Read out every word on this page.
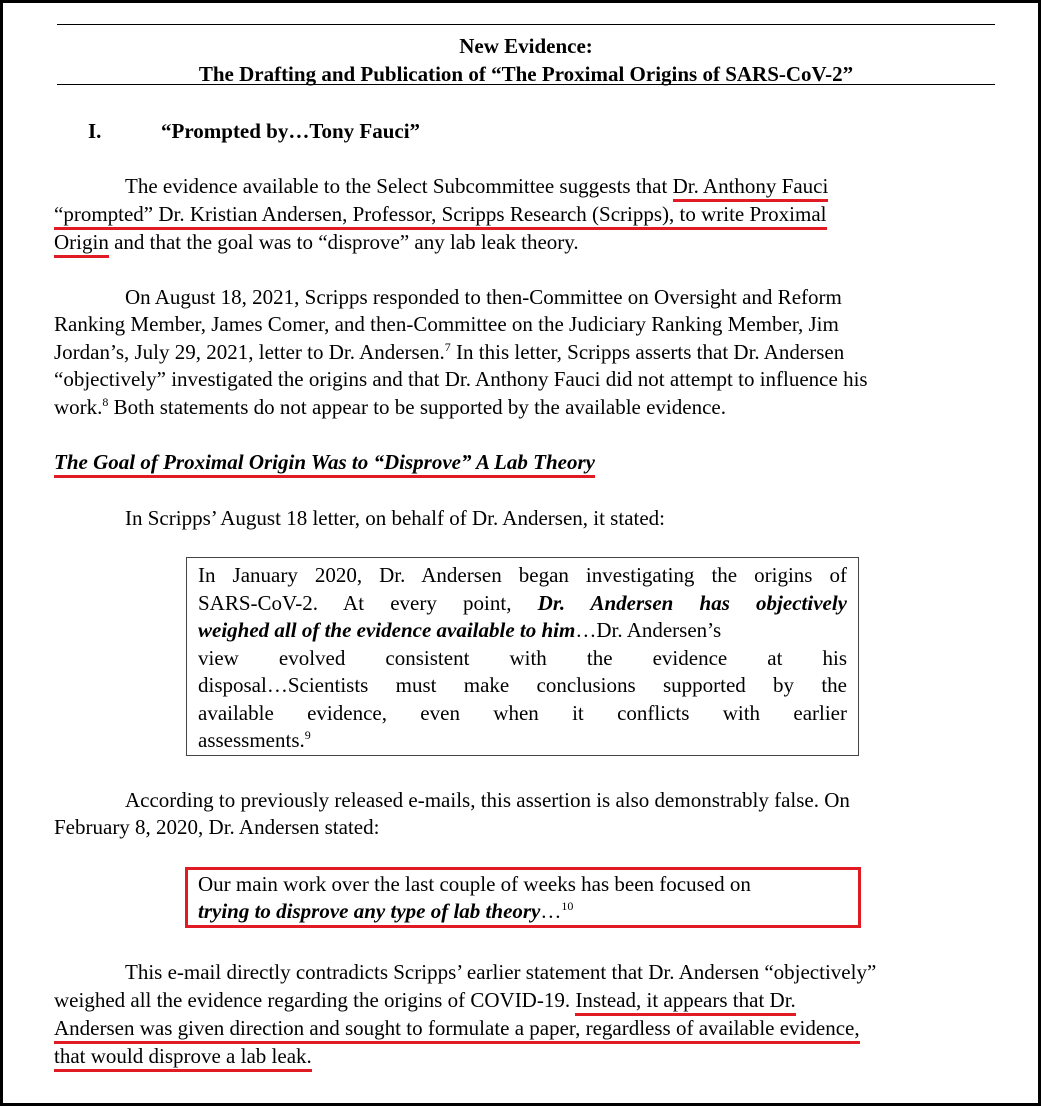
New Evidence:
The Drafting and Publication of “The Proximal Origins of SARS-CoV-2”
I.	“Prompted by…Tony Fauci”
The evidence available to the Select Subcommittee suggests that Dr. Anthony Fauci
“prompted” Dr. Kristian Andersen, Professor, Scripps Research (Scripps), to write Proximal
Origin and that the goal was to “disprove” any lab leak theory.
On August 18, 2021, Scripps responded to then-Committee on Oversight and Reform
Ranking Member, James Comer, and then-Committee on the Judiciary Ranking Member, Jim
Jordan’s, July 29, 2021, letter to Dr. Andersen.$^7$ In this letter, Scripps asserts that Dr. Andersen
“objectively” investigated the origins and that Dr. Anthony Fauci did not attempt to influence his
work.$^8$ Both statements do not appear to be supported by the available evidence.
The Goal of Proximal Origin Was to “Disprove” A Lab Theory
In Scripps’ August 18 letter, on behalf of Dr. Andersen, it stated:
In January 2020, Dr. Andersen began investigating the origins of
SARS-CoV-2. At every point, Dr. Andersen has objectively
weighed all of the evidence available to him…Dr. Andersen’s
view evolved consistent with the evidence at his
disposal…Scientists must make conclusions supported by the
available evidence, even when it conflicts with earlier
assessments.$^9$
According to previously released e-mails, this assertion is also demonstrably false. On
February 8, 2020, Dr. Andersen stated:
Our main work over the last couple of weeks has been focused on
trying to disprove any type of lab theory…$^{10}$
This e-mail directly contradicts Scripps’ earlier statement that Dr. Andersen “objectively”
weighed all the evidence regarding the origins of COVID-19. Instead, it appears that Dr.
Andersen was given direction and sought to formulate a paper, regardless of available evidence,
that would disprove a lab leak.
